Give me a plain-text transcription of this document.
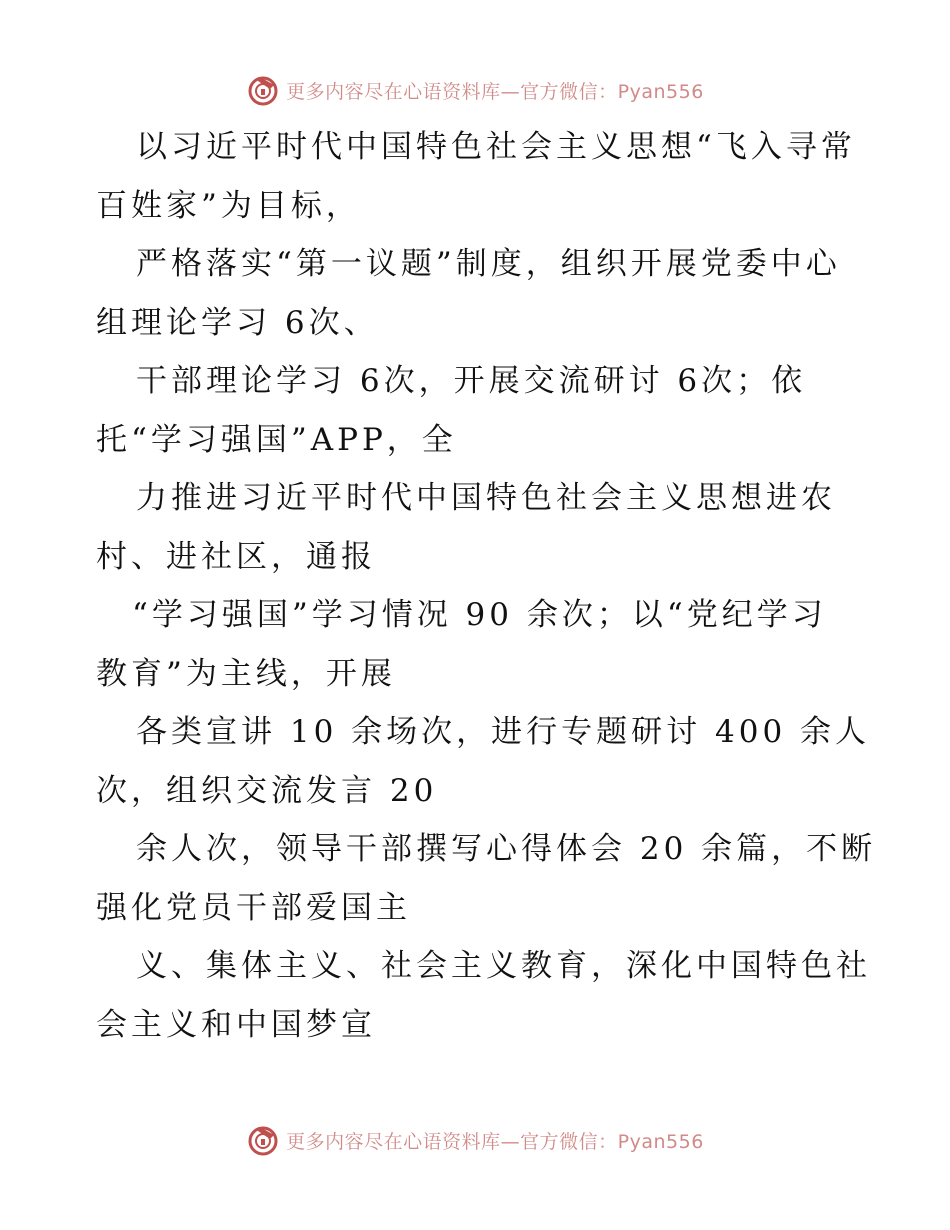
更多内容尽在心语资料库—官方微信：Pyan556
以习近平时代中国特色社会主义思想“飞入寻常
百姓家”为目标，
严格落实“第一议题”制度，组织开展党委中心
组理论学习 6次、
干部理论学习 6次，开展交流研讨 6次；依
托“学习强国”APP，全
力推进习近平时代中国特色社会主义思想进农
村、进社区，通报
“学习强国”学习情况 90 余次；以“党纪学习
教育”为主线，开展
各类宣讲 10 余场次，进行专题研讨 400 余人
次，组织交流发言 20
余人次，领导干部撰写心得体会 20 余篇，不断
强化党员干部爱国主
义、集体主义、社会主义教育，深化中国特色社
会主义和中国梦宣
更多内容尽在心语资料库—官方微信：Pyan556
